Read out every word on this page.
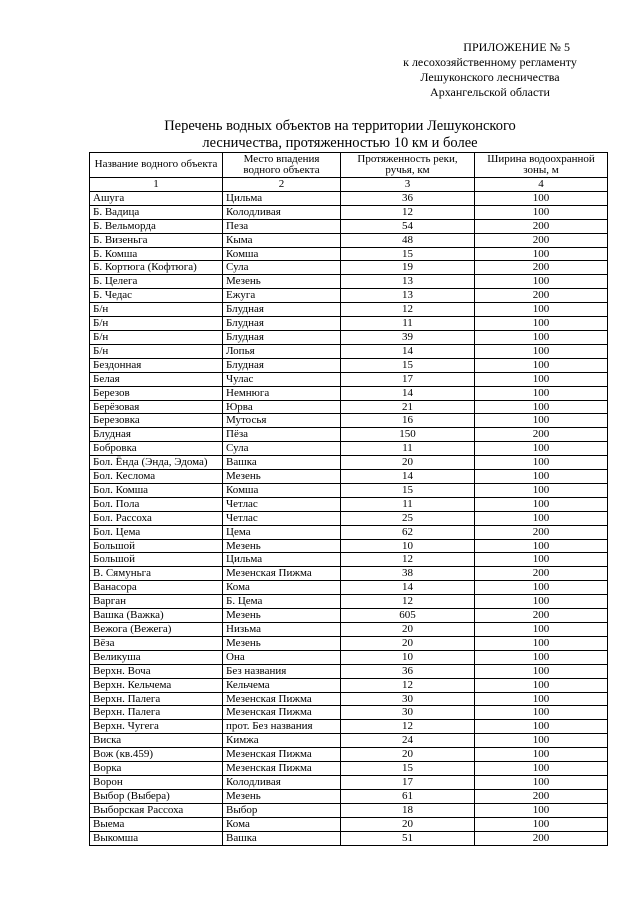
ПРИЛОЖЕНИЕ № 5
к лесохозяйственному регламенту
Лешуконского лесничества
Архангельской области
Перечень водных объектов на территории Лешуконского
лесничества, протяженностью 10 км и более
Название водного объекта	Место впадения водного объекта	Протяженность реки, ручья, км	Ширина водоохранной зоны, м
1	2	3	4
Ашуга	Цильма	36	100
Б. Вадица	Колодливая	12	100
Б. Вельморда	Пеза	54	200
Б. Визеньга	Кыма	48	200
Б. Комша	Комша	15	100
Б. Кортюга (Кофтюга)	Сула	19	200
Б. Целега	Мезень	13	100
Б. Чедас	Ежуга	13	200
Б/н	Блудная	12	100
Б/н	Блудная	11	100
Б/н	Блудная	39	100
Б/н	Лопья	14	100
Бездонная	Блудная	15	100
Белая	Чулас	17	100
Березов	Немнюга	14	100
Берёзовая	Юрва	21	100
Березовка	Мутосья	16	100
Блудная	Пёза	150	200
Бобровка	Сула	11	100
Бол. Ёнда (Энда, Эдома)	Вашка	20	100
Бол. Кеслома	Мезень	14	100
Бол. Комша	Комша	15	100
Бол. Пола	Четлас	11	100
Бол. Рассоха	Четлас	25	100
Бол. Цема	Цема	62	200
Большой	Мезень	10	100
Большой	Цильма	12	100
В. Сямуньга	Мезенская Пижма	38	200
Ванасора	Кома	14	100
Варган	Б. Цема	12	100
Вашка (Важка)	Мезень	605	200
Вежога (Вежега)	Низьма	20	100
Вёза	Мезень	20	100
Великуша	Она	10	100
Верхн. Воча	Без названия	36	100
Верхн. Кельчема	Кельчема	12	100
Верхн. Палега	Мезенская Пижма	30	100
Верхн. Палега	Мезенская Пижма	30	100
Верхн. Чугега	прот. Без названия	12	100
Виска	Кимжа	24	100
Вож (кв.459)	Мезенская Пижма	20	100
Ворка	Мезенская Пижма	15	100
Ворон	Колодливая	17	100
Выбор (Выбера)	Мезень	61	200
Выборская Рассоха	Выбор	18	100
Выема	Кома	20	100
Выкомша	Вашка	51	200
